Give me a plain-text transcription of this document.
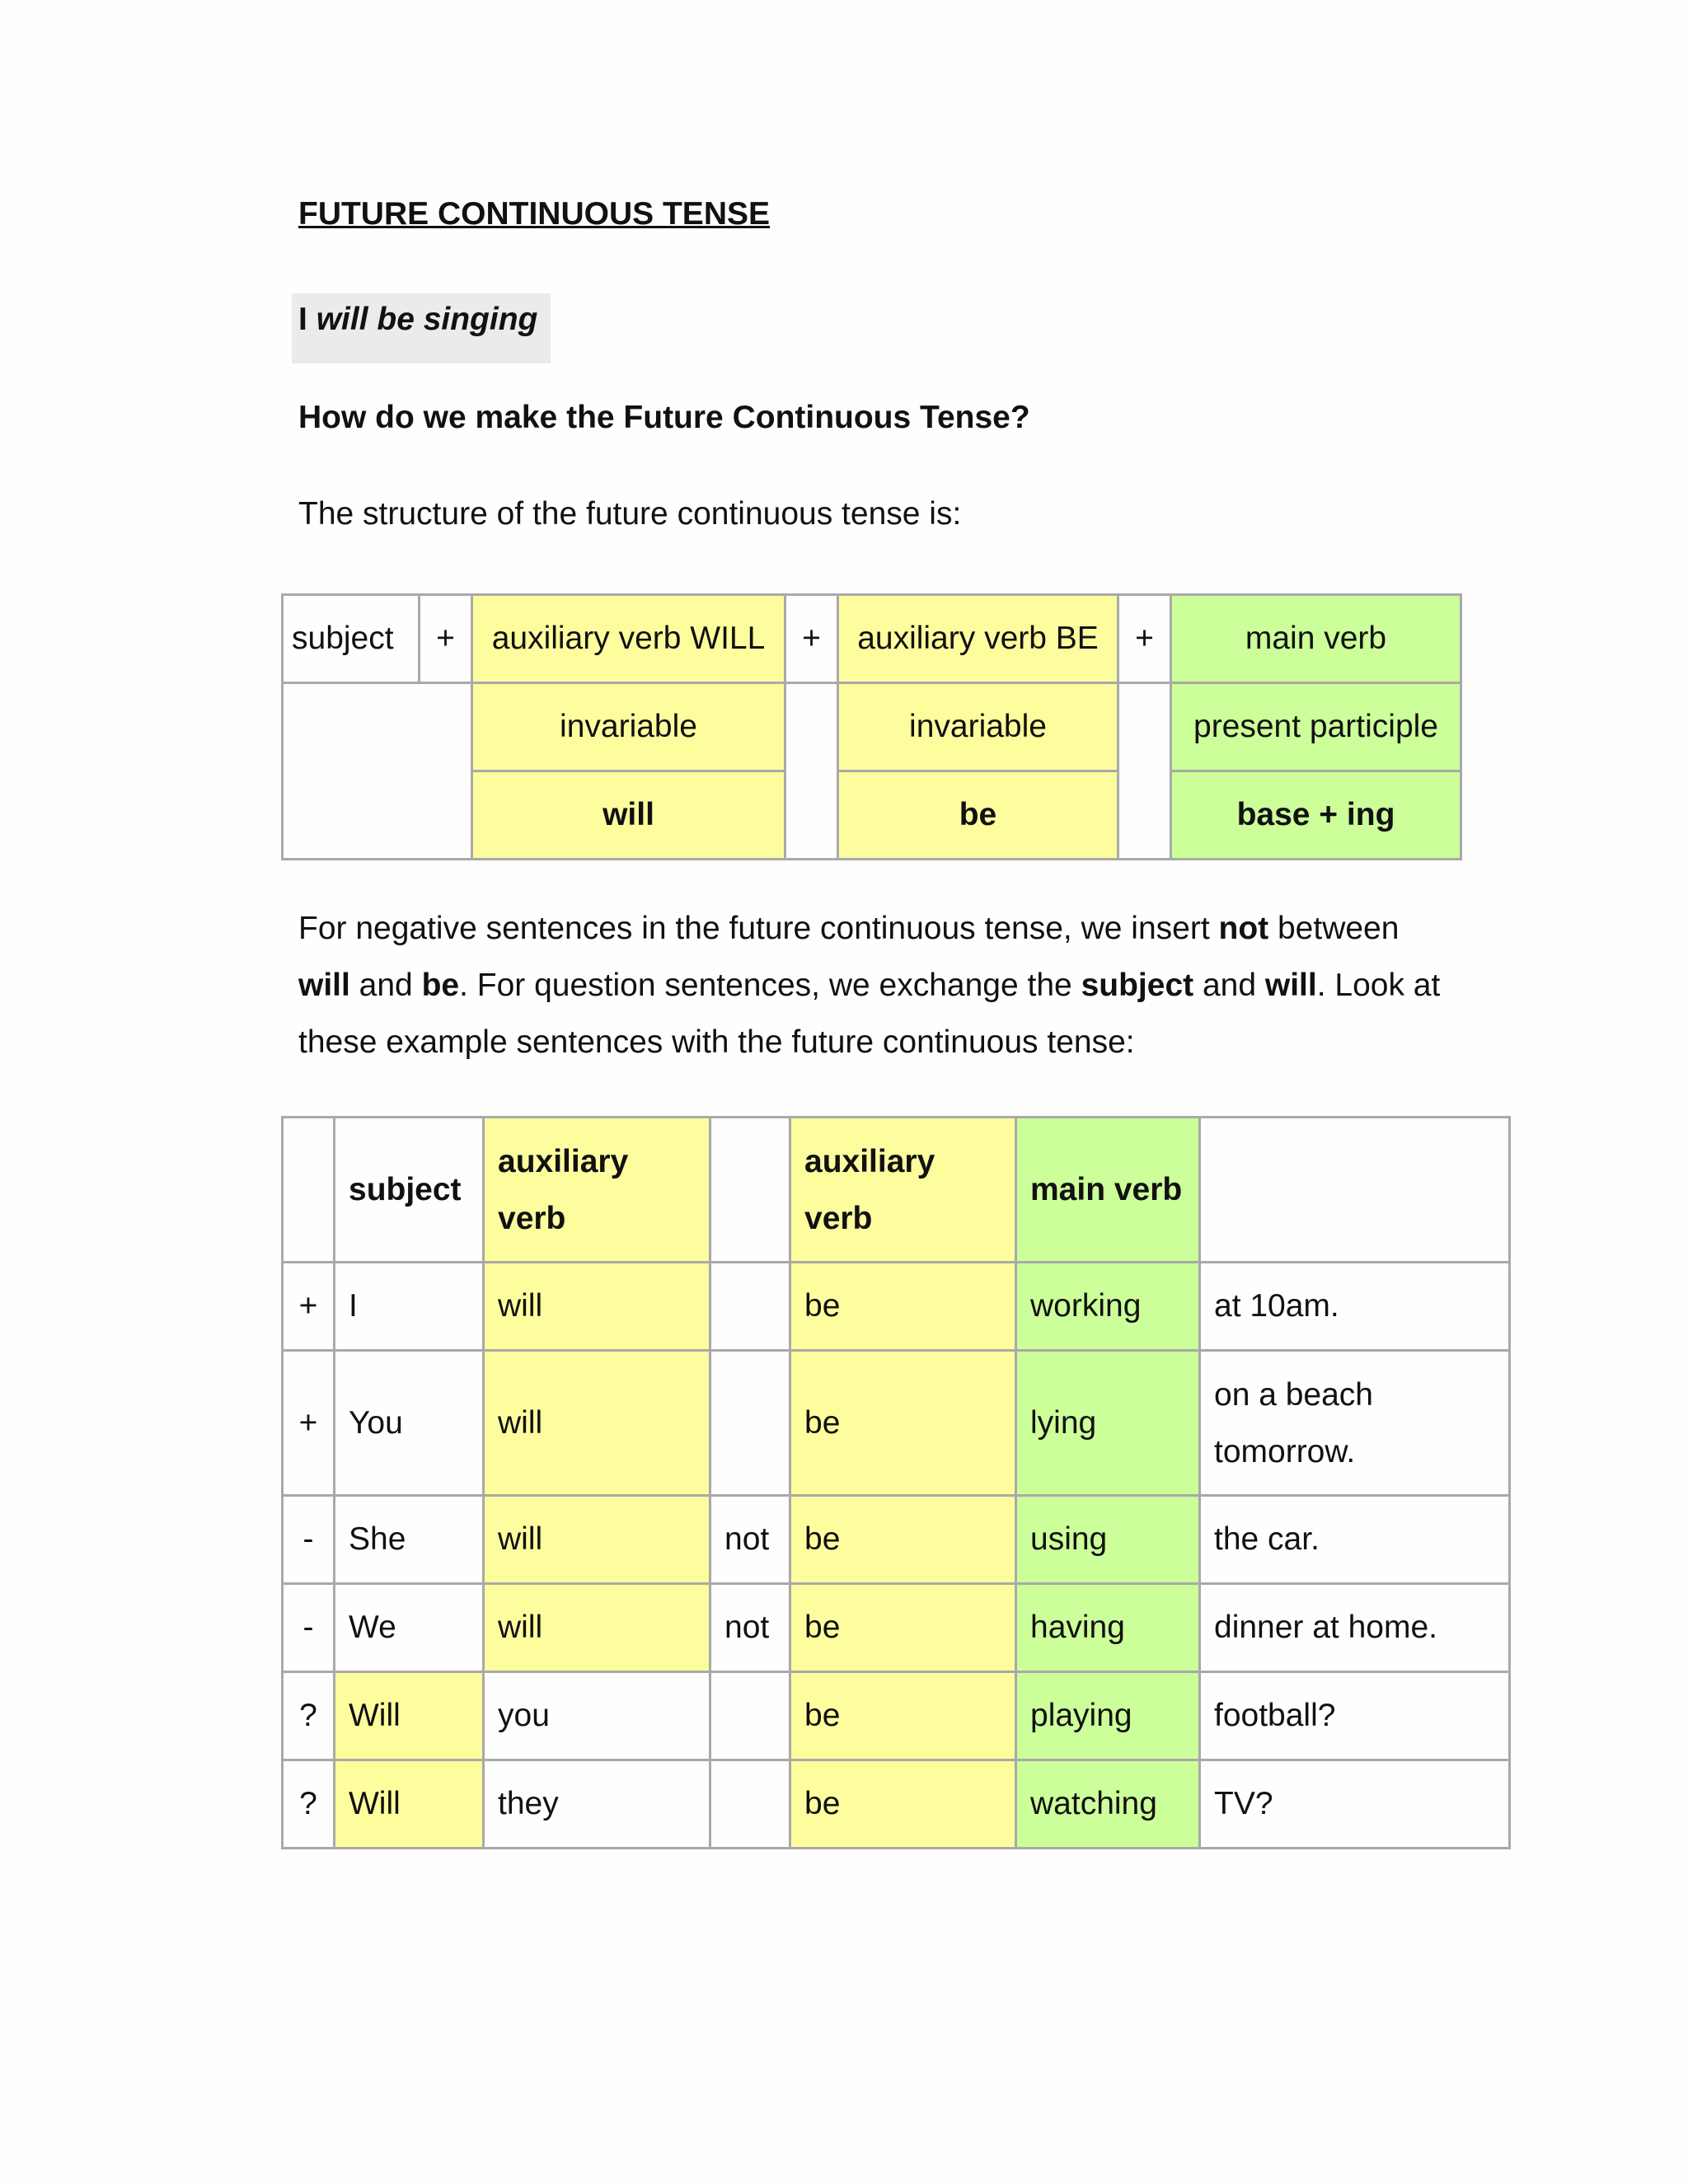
FUTURE CONTINUOUS TENSE
I will be singing
How do we make the Future Continuous Tense?

The structure of the future continuous tense is:

subject	+	auxiliary verb WILL	+	auxiliary verb BE	+	main verb
		invariable		invariable		present participle
		will		be		base + ing

For negative sentences in the future continuous tense, we insert not between
will and be. For question sentences, we exchange the subject and will. Look at these example sentences with the future continuous tense:

	subject	auxiliary verb		auxiliary verb	main verb	
+	I	will		be	working	at 10am.
+	You	will		be	lying	on a beach tomorrow.
-	She	will	not	be	using	the car.
-	We	will	not	be	having	dinner at home.
?	Will	you		be	playing	football?
?	Will	they		be	watching	TV?
